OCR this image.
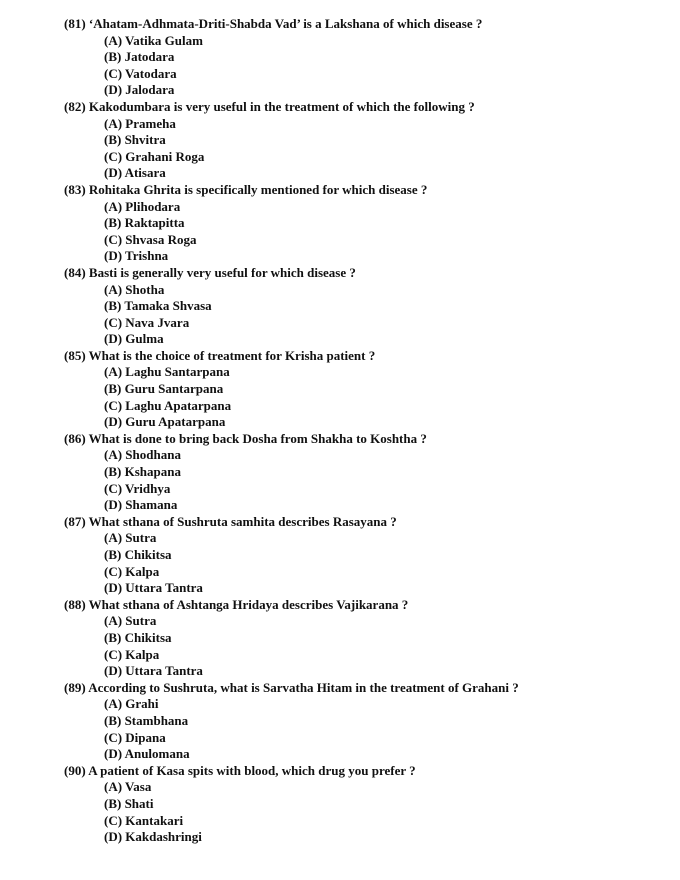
(81) ‘Ahatam-Adhmata-Driti-Shabda Vad’ is a Lakshana of which disease ?
(A) Vatika Gulam
(B) Jatodara
(C) Vatodara
(D) Jalodara
(82) Kakodumbara is very useful in the treatment of which the following ?
(A) Prameha
(B) Shvitra
(C) Grahani Roga
(D) Atisara
(83) Rohitaka Ghrita is specifically mentioned for which disease ?
(A) Plihodara
(B) Raktapitta
(C) Shvasa Roga
(D) Trishna
(84) Basti is generally very useful for which disease ?
(A) Shotha
(B) Tamaka Shvasa
(C) Nava Jvara
(D) Gulma
(85) What is the choice of treatment for Krisha patient ?
(A) Laghu Santarpana
(B) Guru Santarpana
(C) Laghu Apatarpana
(D) Guru Apatarpana
(86) What is done to bring back Dosha from Shakha to Koshtha ?
(A) Shodhana
(B) Kshapana
(C) Vridhya
(D) Shamana
(87) What sthana of Sushruta samhita describes Rasayana ?
(A) Sutra
(B) Chikitsa
(C) Kalpa
(D) Uttara Tantra
(88) What sthana of Ashtanga Hridaya describes Vajikarana ?
(A) Sutra
(B) Chikitsa
(C) Kalpa
(D) Uttara Tantra
(89) According to Sushruta, what is Sarvatha Hitam in the treatment of Grahani ?
(A) Grahi
(B) Stambhana
(C) Dipana
(D) Anulomana
(90) A patient of Kasa spits with blood, which drug you prefer ?
(A) Vasa
(B) Shati
(C) Kantakari
(D) Kakdashringi
